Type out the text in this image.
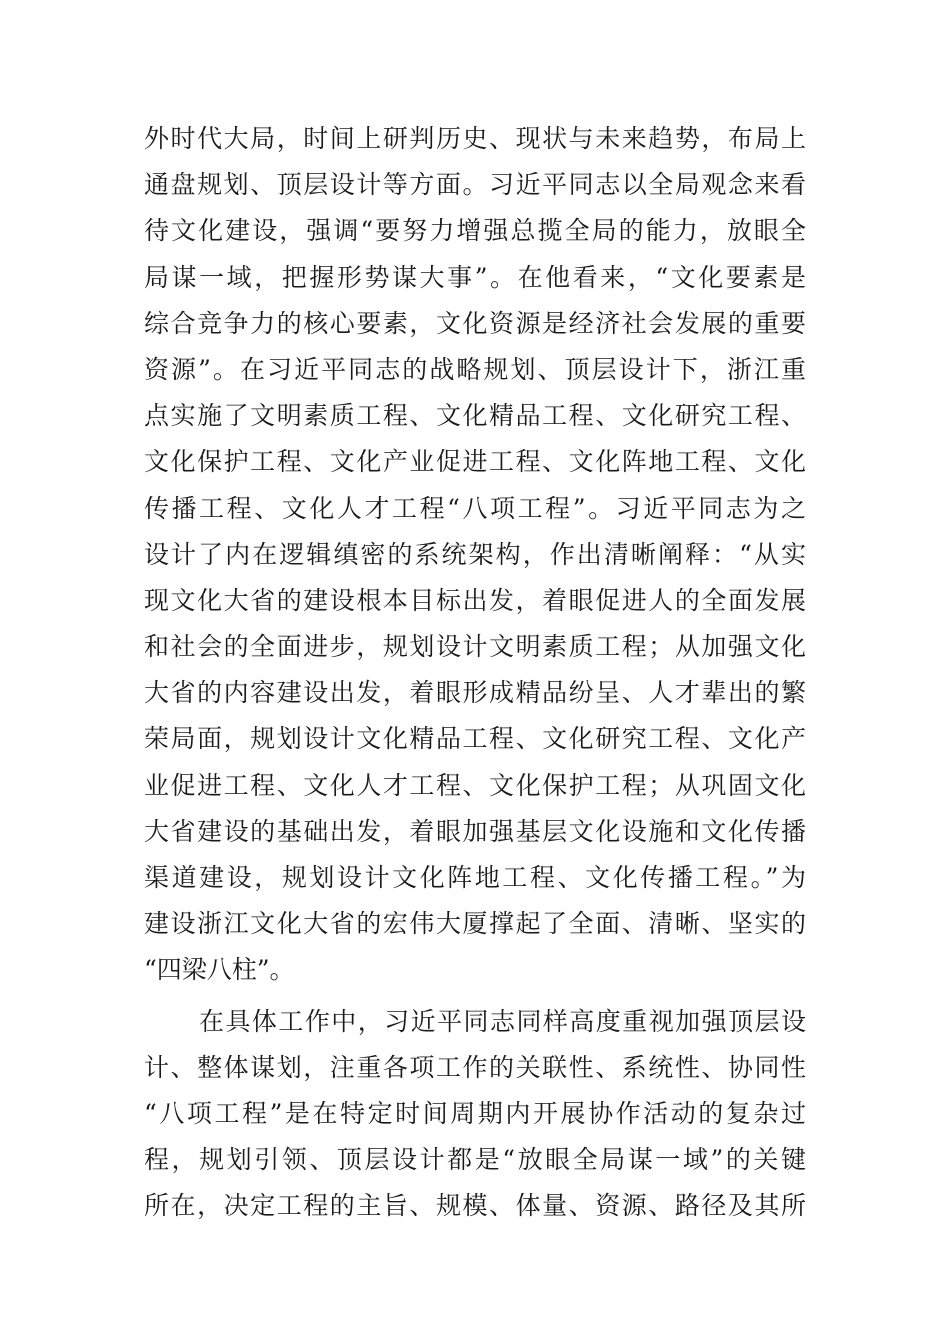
外时代大局，时间上研判历史、现状与未来趋势，布局上
通盘规划、顶层设计等方面。习近平同志以全局观念来看
待文化建设，强调“要努力增强总揽全局的能力，放眼全
局谋一域，把握形势谋大事”。在他看来，“文化要素是
综合竞争力的核心要素，文化资源是经济社会发展的重要
资源”。在习近平同志的战略规划、顶层设计下，浙江重
点实施了文明素质工程、文化精品工程、文化研究工程、
文化保护工程、文化产业促进工程、文化阵地工程、文化
传播工程、文化人才工程“八项工程”。习近平同志为之
设计了内在逻辑缜密的系统架构，作出清晰阐释：“从实
现文化大省的建设根本目标出发，着眼促进人的全面发展
和社会的全面进步，规划设计文明素质工程；从加强文化
大省的内容建设出发，着眼形成精品纷呈、人才辈出的繁
荣局面，规划设计文化精品工程、文化研究工程、文化产
业促进工程、文化人才工程、文化保护工程；从巩固文化
大省建设的基础出发，着眼加强基层文化设施和文化传播
渠道建设，规划设计文化阵地工程、文化传播工程。”为
建设浙江文化大省的宏伟大厦撑起了全面、清晰、坚实的
“四梁八柱”。
在具体工作中，习近平同志同样高度重视加强顶层设
计、整体谋划，注重各项工作的关联性、系统性、协同性
“八项工程”是在特定时间周期内开展协作活动的复杂过
程，规划引领、顶层设计都是“放眼全局谋一域”的关键
所在，决定工程的主旨、规模、体量、资源、路径及其所
